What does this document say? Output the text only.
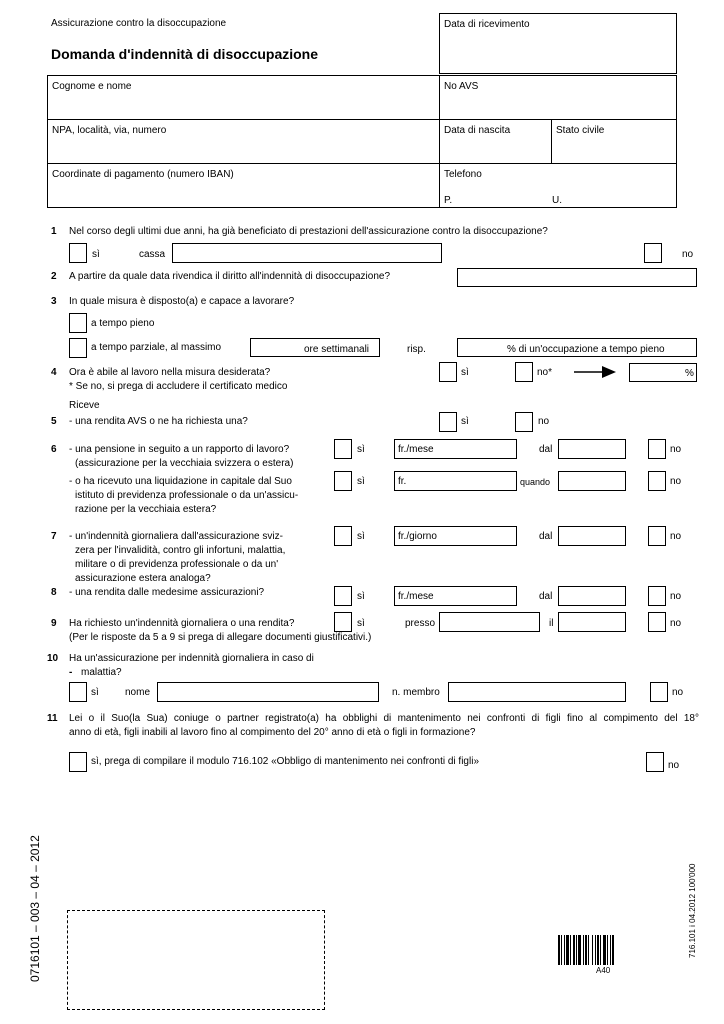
Assicurazione contro la disoccupazione
Domanda d'indennità di disoccupazione
Data di ricevimento
Cognome e nome	No AVS
NPA, località, via, numero	Data di nascita	Stato civile
Coordinate di pagamento (numero IBAN)	Telefono
P.	U.
1 Nel corso degli ultimi due anni, ha già beneficiato di prestazioni dell'assicurazione contro la disoccupazione?
sì	cassa	no
2 A partire da quale data rivendica il diritto all'indennità di disoccupazione?
3 In quale misura è disposto(a) e capace a lavorare?
a tempo pieno
a tempo parziale, al massimo	ore settimanali	risp.	% di un'occupazione a tempo pieno
4 Ora è abile al lavoro nella misura desiderata?
* Se no, si prega di accludere il certificato medico
sì	no*	%
Riceve
5 - una rendita AVS o ne ha richiesta una?	sì	no
6 - una pensione in seguito a un rapporto di lavoro?
(assicurazione per la vecchiaia svizzera o estera)
- o ha ricevuto una liquidazione in capitale dal Suo
istituto di previdenza professionale o da un'assicu-
razione per la vecchiaia estera?
sì	fr./mese	dal	no
sì	fr.	quando	no
7 - un'indennità giornaliera dall'assicurazione sviz-
zera per l'invalidità, contro gli infortuni, malattia,
militare o di previdenza professionale o da un'
assicurazione estera analoga?
sì	fr./giorno	dal	no
8 - una rendita dalle medesime assicurazioni?	sì	fr./mese	dal	no
9 Ha richiesto un'indennità giornaliera o una rendita?
(Per le risposte da 5 a 9 si prega di allegare documenti giustificativi.)
sì	presso	il	no
10 Ha un'assicurazione per indennità giornaliera in caso di
- malattia?
sì	nome	n. membro	no
11 Lei o il Suo(la Sua) coniuge o partner registrato(a) ha obblighi di mantenimento nei confronti di figli fino al compimento del 18°
anno di età, figli inabili al lavoro fino al compimento del 20° anno di età o figli in formazione?
sì, prega di compilare il modulo 716.102 «Obbligo di mantenimento nei confronti di figli»	no
0716101 – 003 – 04 – 2012	716.101 i 04.2012 100'000
A40
